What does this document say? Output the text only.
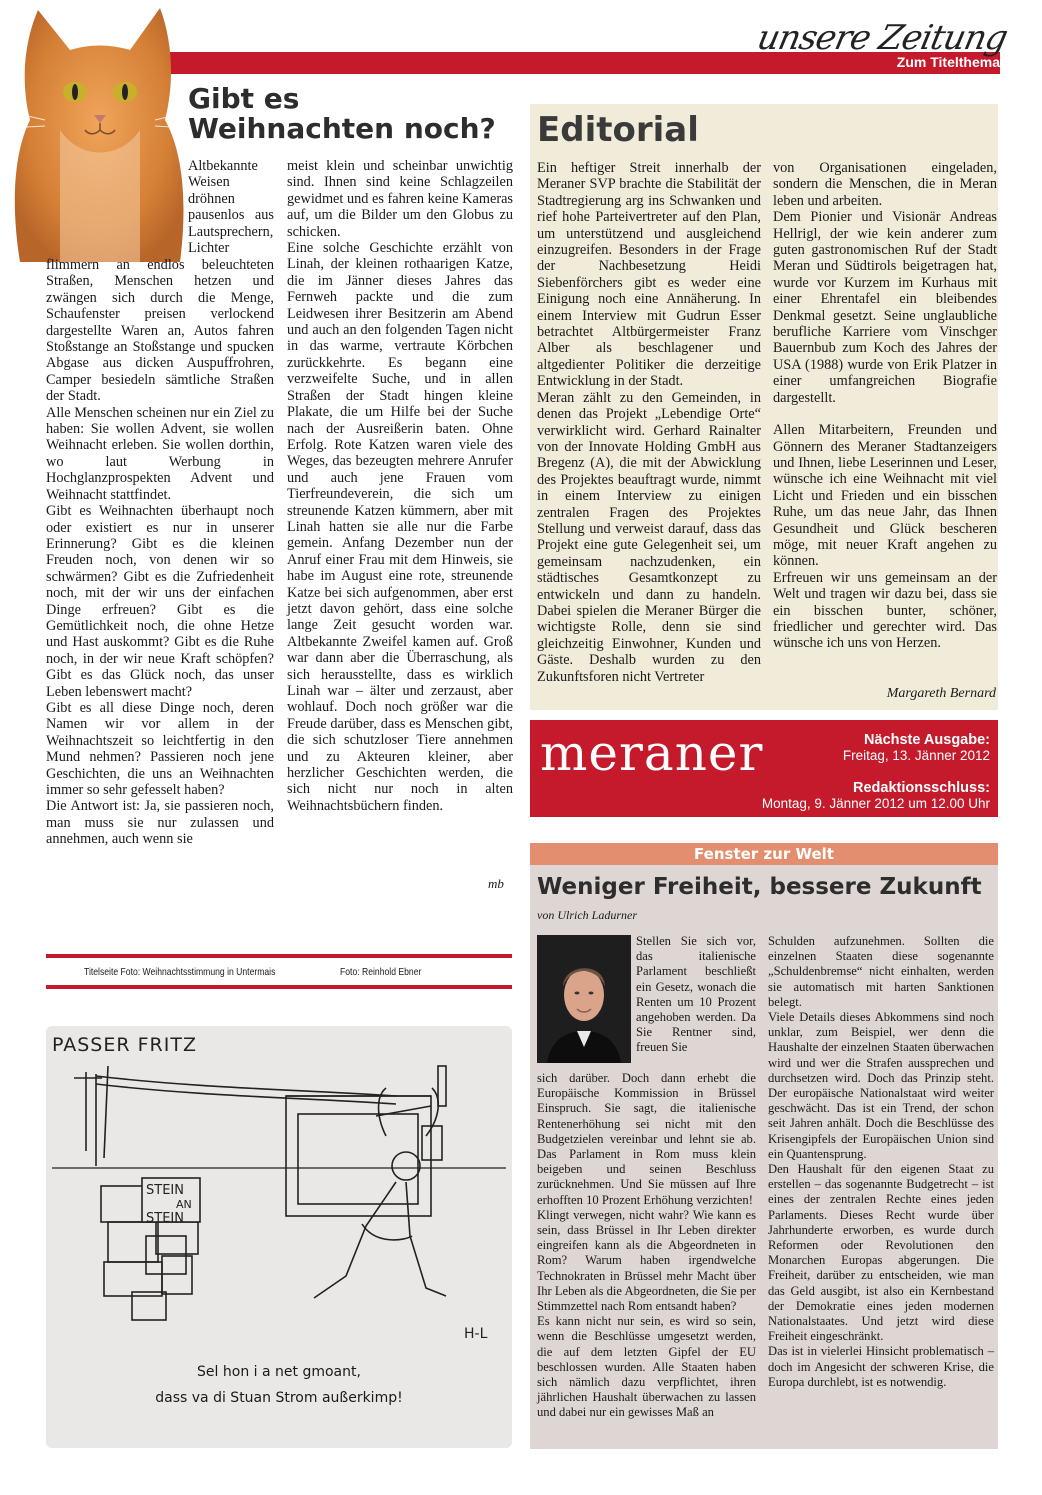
unsere Zeitung
Zum Titelthema
Gibt es
Weihnachten noch?

Altbekannte Weisen dröhnen pausenlos aus Lautsprechern, Lichter

flimmern an endlos beleuchteten Straßen, Menschen hetzen und zwängen sich durch die Menge, Schaufenster preisen verlockend dargestellte Waren an, Autos fahren Stoßstange an Stoßstange und spucken Abgase aus dicken Auspuffrohren, Camper besiedeln sämtliche Straßen der Stadt.

Alle Menschen scheinen nur ein Ziel zu haben: Sie wollen Advent, sie wollen Weihnacht erleben. Sie wollen dorthin, wo laut Werbung in Hochglanzprospekten Advent und Weihnacht stattfindet.

Gibt es Weihnachten überhaupt noch oder existiert es nur in unserer Erinnerung? Gibt es die kleinen Freuden noch, von denen wir so schwärmen? Gibt es die Zufriedenheit noch, mit der wir uns der einfachen Dinge erfreuen? Gibt es die Gemütlichkeit noch, die ohne Hetze und Hast auskommt? Gibt es die Ruhe noch, in der wir neue Kraft schöpfen? Gibt es das Glück noch, das unser Leben lebenswert macht?

Gibt es all diese Dinge noch, deren Namen wir vor allem in der Weihnachtszeit so leichtfertig in den Mund nehmen? Passieren noch jene Geschichten, die uns an Weihnachten immer so sehr gefesselt haben?

Die Antwort ist: Ja, sie passieren noch, man muss sie nur zulassen und annehmen, auch wenn sie

meist klein und scheinbar unwichtig sind. Ihnen sind keine Schlagzeilen gewidmet und es fahren keine Kameras auf, um die Bilder um den Globus zu schicken.

Eine solche Geschichte erzählt von Linah, der kleinen rothaarigen Katze, die im Jänner dieses Jahres das Fernweh packte und die zum Leidwesen ihrer Besitzerin am Abend und auch an den folgenden Tagen nicht in das warme, vertraute Körbchen zurückkehrte. Es begann eine verzweifelte Suche, und in allen Straßen der Stadt hingen kleine Plakate, die um Hilfe bei der Suche nach der Ausreißerin baten. Ohne Erfolg. Rote Katzen waren viele des Weges, das bezeugten mehrere Anrufer und auch jene Frauen vom Tierfreundeverein, die sich um streunende Katzen kümmern, aber mit Linah hatten sie alle nur die Farbe gemein. Anfang Dezember nun der Anruf einer Frau mit dem Hinweis, sie habe im August eine rote, streunende Katze bei sich aufgenommen, aber erst jetzt davon gehört, dass eine solche lange Zeit gesucht worden war. Altbekannte Zweifel kamen auf. Groß war dann aber die Überraschung, als sich herausstellte, dass es wirklich Linah war – älter und zerzaust, aber wohlauf. Doch noch größer war die Freude darüber, dass es Menschen gibt, die sich schutzloser Tiere annehmen und zu Akteuren kleiner, aber herzlicher Geschichten werden, die sich nicht nur noch in alten Weihnachtsbüchern finden.

mb
Editorial

Ein heftiger Streit innerhalb der Meraner SVP brachte die Stabilität der Stadtregierung arg ins Schwanken und rief hohe Parteivertreter auf den Plan, um unterstützend und ausgleichend einzugreifen. Besonders in der Frage der Nachbesetzung Heidi Siebenförchers gibt es weder eine Einigung noch eine Annäherung. In einem Interview mit Gudrun Esser betrachtet Altbürgermeister Franz Alber als beschlagener und altgedienter Politiker die derzeitige Entwicklung in der Stadt.

Meran zählt zu den Gemeinden, in denen das Projekt „Lebendige Orte“ verwirklicht wird. Gerhard Rainalter von der Innovate Holding GmbH aus Bregenz (A), die mit der Abwicklung des Projektes beauftragt wurde, nimmt in einem Interview zu einigen zentralen Fragen des Projektes Stellung und verweist darauf, dass das Projekt eine gute Gelegenheit sei, um gemeinsam nachzudenken, ein städtisches Gesamtkonzept zu entwickeln und dann zu handeln. Dabei spielen die Meraner Bürger die wichtigste Rolle, denn sie sind gleichzeitig Einwohner, Kunden und Gäste. Deshalb wurden zu den Zukunftsforen nicht Vertreter

von Organisationen eingeladen, sondern die Menschen, die in Meran leben und arbeiten.

Dem Pionier und Visionär Andreas Hellrigl, der wie kein anderer zum guten gastronomischen Ruf der Stadt Meran und Südtirols beigetragen hat, wurde vor Kurzem im Kurhaus mit einer Ehrentafel ein bleibendes Denkmal gesetzt. Seine unglaubliche berufliche Karriere vom Vinschger Bauernbub zum Koch des Jahres der USA (1988) wurde von Erik Platzer in einer umfangreichen Biografie dargestellt.

Allen Mitarbeitern, Freunden und Gönnern des Meraner Stadtanzeigers und Ihnen, liebe Leserinnen und Leser, wünsche ich eine Weihnacht mit viel Licht und Frieden und ein bisschen Ruhe, um das neue Jahr, das Ihnen Gesundheit und Glück bescheren möge, mit neuer Kraft angehen zu können.

Erfreuen wir uns gemeinsam an der Welt und tragen wir dazu bei, dass sie ein bisschen bunter, schöner, friedlicher und gerechter wird. Das wünsche ich uns von Herzen.

Margareth Bernard
meraner	Nächste Ausgabe:
Freitag, 13. Jänner 2012
Redaktionsschluss:
Montag, 9. Jänner 2012 um 12.00 Uhr
Fenster zur Welt
Weniger Freiheit, bessere Zukunft
von Ulrich Ladurner

Stellen Sie sich vor, das italienische Parlament beschließt ein Gesetz, wonach die Renten um 10 Prozent angehoben werden. Da Sie Rentner sind, freuen Sie

sich darüber. Doch dann erhebt die Europäische Kommission in Brüssel Einspruch. Sie sagt, die italienische Rentenerhöhung sei nicht mit den Budgetzielen vereinbar und lehnt sie ab. Das Parlament in Rom muss klein beigeben und seinen Beschluss zurücknehmen. Und Sie müssen auf Ihre erhofften 10 Prozent Erhöhung verzichten!

Klingt verwegen, nicht wahr? Wie kann es sein, dass Brüssel in Ihr Leben direkter eingreifen kann als die Abgeordneten in Rom? Warum haben irgendwelche Technokraten in Brüssel mehr Macht über Ihr Leben als die Abgeordneten, die Sie per Stimmzettel nach Rom entsandt haben?

Es kann nicht nur sein, es wird so sein, wenn die Beschlüsse umgesetzt werden, die auf dem letzten Gipfel der EU beschlossen wurden. Alle Staaten haben sich nämlich dazu verpflichtet, ihren jährlichen Haushalt überwachen zu lassen und dabei nur ein gewisses Maß an

Schulden aufzunehmen. Sollten die einzelnen Staaten diese sogenannte „Schuldenbremse“ nicht einhalten, werden sie automatisch mit harten Sanktionen belegt.

Viele Details dieses Abkommens sind noch unklar, zum Beispiel, wer denn die Haushalte der einzelnen Staaten überwachen wird und wer die Strafen aussprechen und durchsetzen wird. Doch das Prinzip steht. Der europäische Nationalstaat wird weiter geschwächt. Das ist ein Trend, der schon seit Jahren anhält. Doch die Beschlüsse des Krisengipfels der Europäischen Union sind ein Quantensprung.

Den Haushalt für den eigenen Staat zu erstellen – das sogenannte Budgetrecht – ist eines der zentralen Rechte eines jeden Parlaments. Dieses Recht wurde über Jahrhunderte erworben, es wurde durch Reformen oder Revolutionen den Monarchen Europas abgerungen. Die Freiheit, darüber zu entscheiden, wie man das Geld ausgibt, ist also ein Kernbestand der Demokratie eines jeden modernen Nationalstaates. Und jetzt wird diese Freiheit eingeschränkt.

Das ist in vielerlei Hinsicht problematisch – doch im Angesicht der schweren Krise, die Europa durchlebt, ist es notwendig.

Titelseite Foto: Weihnachtsstimmung in Untermais	Foto: Reinhold Ebner
PASSER FRITZ
STEIN
AN
STEIN
H-L
Sel hon i a net gmoant,
dass va di Stuan Strom außerkimp!
